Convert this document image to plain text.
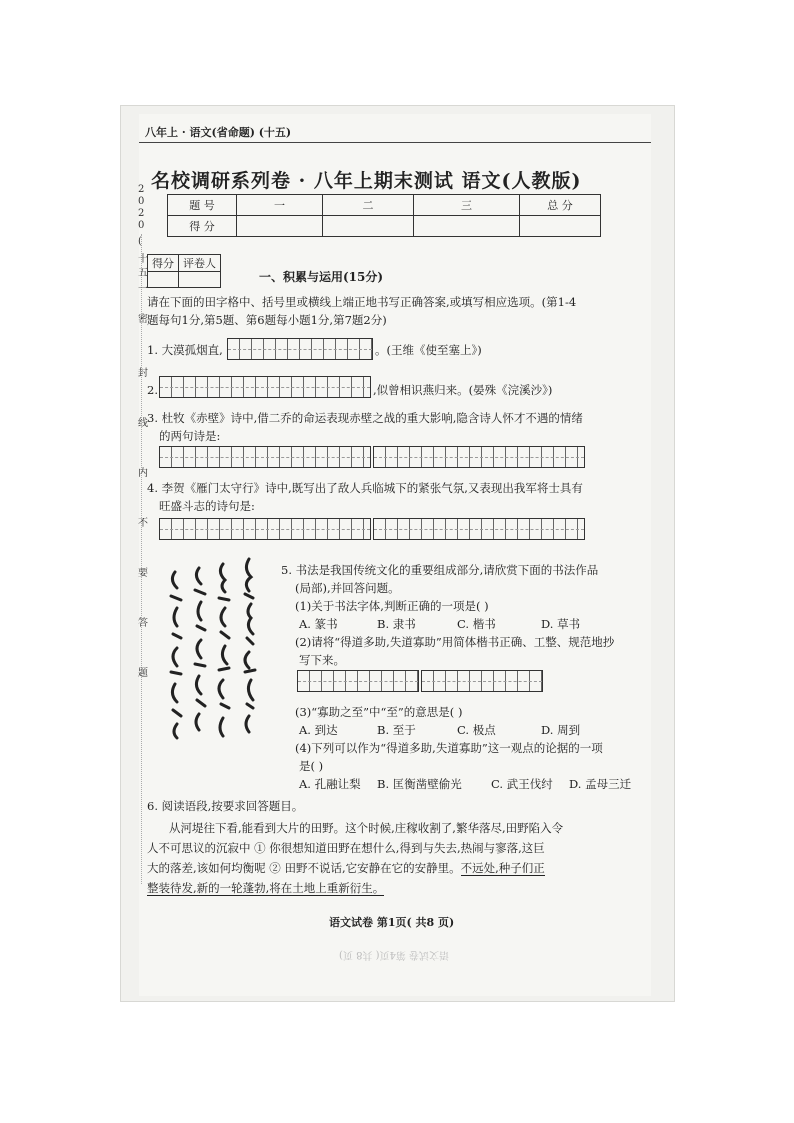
八年上 · 语文(省命题) (十五)
名校调研系列卷 · 八年上期末测试 语文(人教版)
题 号	一	二	三	总 分
得 分				
得分	评卷人

一、积累与运用(15分)
请在下面的田字格中、括号里或横线上端正地书写正确答案,或填写相应选项。(第1-4
题每句1分,第5题、第6题每小题1分,第7题2分)
1. 大漠孤烟直,	。(王维《使至塞上》)
2.	,似曾相识燕归来。(晏殊《浣溪沙》)
3. 杜牧《赤壁》诗中,借二乔的命运表现赤壁之战的重大影响,隐含诗人怀才不遇的情绪
的两句诗是:
4. 李贺《雁门太守行》诗中,既写出了敌人兵临城下的紧张气氛,又表现出我军将士具有
旺盛斗志的诗句是:
5. 书法是我国传统文化的重要组成部分,请欣赏下面的书法作品
(局部),并回答问题。
(1)关于书法字体,判断正确的一项是( )
A. 篆书	B. 隶书	C. 楷书	D. 草书
(2)请将“得道多助,失道寡助”用简体楷书正确、工整、规范地抄
写下来。
(3)“寡助之至”中“至”的意思是( )
A. 到达	B. 至于	C. 极点	D. 周到
(4)下列可以作为“得道多助,失道寡助”这一观点的论据的一项
是( )
A. 孔融让梨 B. 匡衡凿壁偷光	C. 武王伐纣 D. 孟母三迁
6. 阅读语段,按要求回答题目。
从河堤往下看,能看到大片的田野。这个时候,庄稼收割了,繁华落尽,田野陷入令
人不可思议的沉寂中 ① 你很想知道田野在想什么,得到与失去,热闹与寥落,这巨
大的落差,该如何均衡呢 ② 田野不说话,它安静在它的安静里。不远处,种子们正
整装待发,新的一轮蓬勃,将在土地上重新衍生。
语文试卷 第1页( 共8 页)
语文试卷 第4页( 共8 页)
2
0
2
0
(
十
五
一
密
封
线
内
不
要
答
题
